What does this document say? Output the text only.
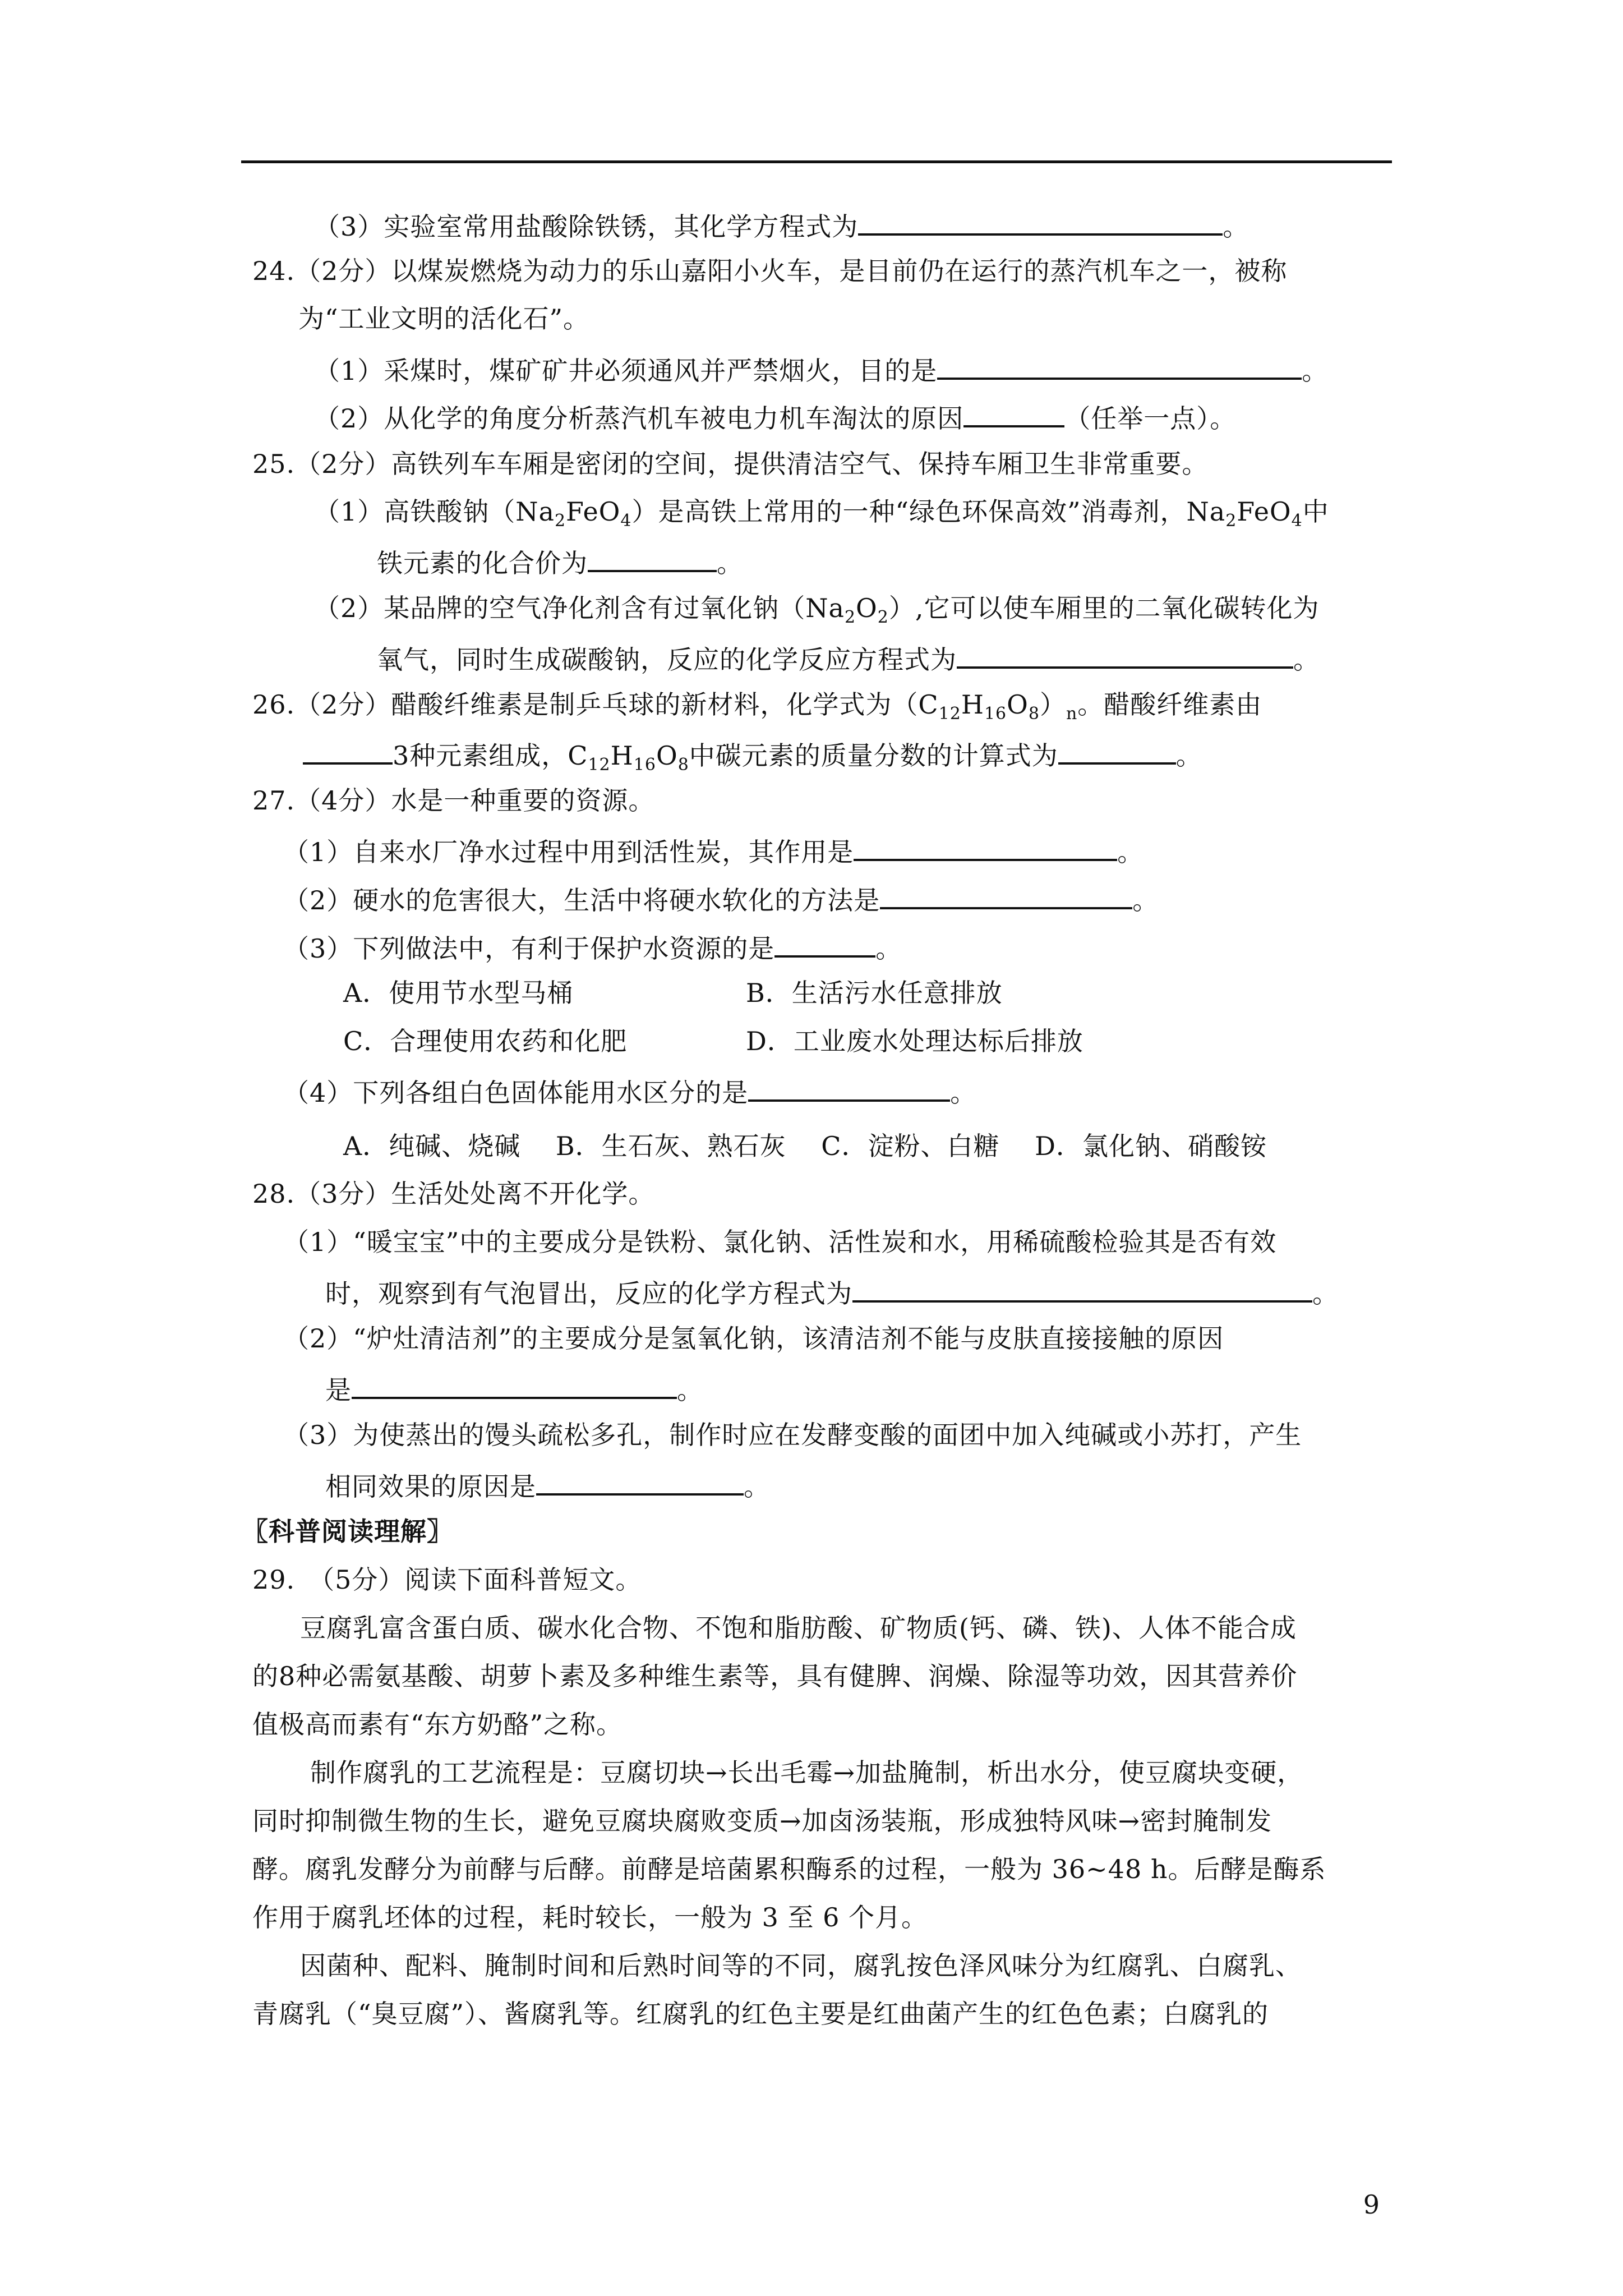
（3）实验室常用盐酸除铁锈，其化学方程式为	。
24.（2分）以煤炭燃烧为动力的乐山嘉阳小火车，是目前仍在运行的蒸汽机车之一，被称
为“工业文明的活化石”。
（1）采煤时，煤矿矿井必须通风并严禁烟火，目的是	。
（2）从化学的角度分析蒸汽机车被电力机车淘汰的原因	（任举一点）。
25.（2分）高铁列车车厢是密闭的空间，提供清洁空气、保持车厢卫生非常重要。
（1）高铁酸钠$(Na_2FeO_4)$是高铁上常用的一种“绿色环保高效”消毒剂，$Na_2FeO_4$中
铁元素的化合价为	。
（2）某品牌的空气净化剂含有过氧化钠$(Na_2O_2)$,它可以使车厢里的二氧化碳转化为
氧气，同时生成碳酸钠，反应的化学反应方程式为	。
26.（2分）醋酸纤维素是制乒乓球的新材料，化学式为$(C_{12}H_{16}O_8)_n$。醋酸纤维素由
3种元素组成，$C_{12}H_{16}O_8$中碳元素的质量分数的计算式为	。
27.（4分）水是一种重要的资源。
（1）自来水厂净水过程中用到活性炭，其作用是	。
（2）硬水的危害很大，生活中将硬水软化的方法是	。
（3）下列做法中，有利于保护水资源的是	。
A．使用节水型马桶	B．生活污水任意排放
C．合理使用农药和化肥	D．工业废水处理达标后排放
（4）下列各组白色固体能用水区分的是	。
A．纯碱、烧碱　 B．生石灰、熟石灰　 C．淀粉、白糖　 D．氯化钠、硝酸铵
28.（3分）生活处处离不开化学。
（1）“暖宝宝”中的主要成分是铁粉、氯化钠、活性炭和水，用稀硫酸检验其是否有效
时，观察到有气泡冒出，反应的化学方程式为	。
（2）“炉灶清洁剂”的主要成分是氢氧化钠，该清洁剂不能与皮肤直接接触的原因
是	。
（3）为使蒸出的馒头疏松多孔，制作时应在发酵变酸的面团中加入纯碱或小苏打，产生
相同效果的原因是	。
〖科普阅读理解〗
29.　（5分）阅读下面科普短文。
豆腐乳富含蛋白质、碳水化合物、不饱和脂肪酸、矿物质(钙、磷、铁)、人体不能合成
的8种必需氨基酸、胡萝卜素及多种维生素等，具有健脾、润燥、除湿等功效，因其营养价
值极高而素有“东方奶酪”之称。
制作腐乳的工艺流程是：豆腐切块→长出毛霉→加盐腌制，析出水分，使豆腐块变硬，
同时抑制微生物的生长，避免豆腐块腐败变质→加卤汤装瓶，形成独特风味→密封腌制发
酵。腐乳发酵分为前酵与后酵。前酵是培菌累积酶系的过程，一般为 36~48 h。后酵是酶系
作用于腐乳坯体的过程，耗时较长，一般为 3 至 6 个月。
因菌种、配料、腌制时间和后熟时间等的不同，腐乳按色泽风味分为红腐乳、白腐乳、
青腐乳（“臭豆腐”）、酱腐乳等。红腐乳的红色主要是红曲菌产生的红色色素；白腐乳的
9
